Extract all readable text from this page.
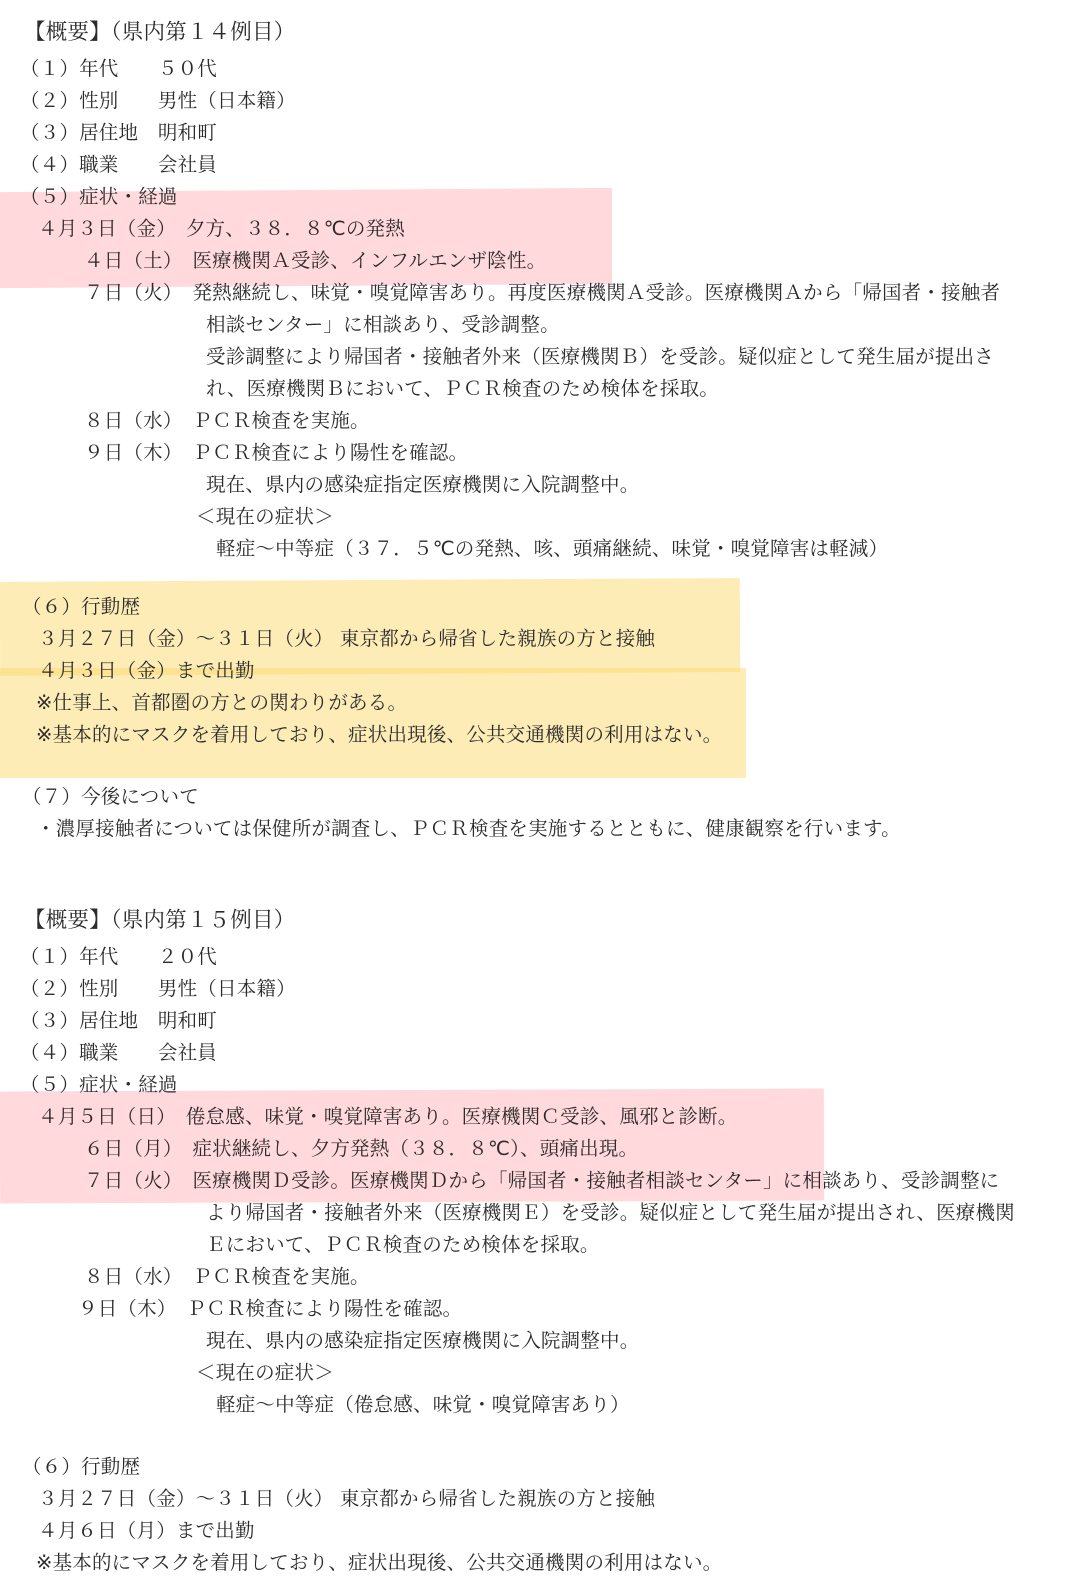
【概要】（県内第１４例目）
（１）年代　　５０代
（２）性別　　男性（日本籍）
（３）居住地　明和町
（４）職業　　会社員
（５）症状・経過
４月３日（金）　夕方、３８．８℃の発熱
４日（土）　医療機関Ａ受診、インフルエンザ陰性。
７日（火）　発熱継続し、味覚・嗅覚障害あり。再度医療機関Ａ受診。医療機関Ａから「帰国者・接触者
相談センター」に相談あり、受診調整。
受診調整により帰国者・接触者外来（医療機関Ｂ）を受診。疑似症として発生届が提出さ
れ、医療機関Ｂにおいて、ＰＣＲ検査のため検体を採取。
８日（水）　ＰＣＲ検査を実施。
９日（木）　ＰＣＲ検査により陽性を確認。
現在、県内の感染症指定医療機関に入院調整中。
＜現在の症状＞
軽症～中等症（３７．５℃の発熱、咳、頭痛継続、味覚・嗅覚障害は軽減）
（６）行動歴
３月２７日（金）～３１日（火） 東京都から帰省した親族の方と接触
４月３日（金）まで出勤
※仕事上、首都圏の方との関わりがある。
※基本的にマスクを着用しており、症状出現後、公共交通機関の利用はない。
（７）今後について
・濃厚接触者については保健所が調査し、ＰＣＲ検査を実施するとともに、健康観察を行います。
【概要】（県内第１５例目）
（１）年代　　２０代
（２）性別　　男性（日本籍）
（３）居住地　明和町
（４）職業　　会社員
（５）症状・経過
４月５日（日）　倦怠感、味覚・嗅覚障害あり。医療機関Ｃ受診、風邪と診断。
６日（月）　症状継続し、夕方発熱（３８．８℃）、頭痛出現。
７日（火）　医療機関Ｄ受診。医療機関Ｄから「帰国者・接触者相談センター」に相談あり、受診調整に
より帰国者・接触者外来（医療機関Ｅ）を受診。疑似症として発生届が提出され、医療機関
Ｅにおいて、ＰＣＲ検査のため検体を採取。
８日（水）　ＰＣＲ検査を実施。
９日（木）　ＰＣＲ検査により陽性を確認。
現在、県内の感染症指定医療機関に入院調整中。
＜現在の症状＞
軽症～中等症（倦怠感、味覚・嗅覚障害あり）
（６）行動歴
３月２７日（金）～３１日（火） 東京都から帰省した親族の方と接触
４月６日（月）まで出勤
※基本的にマスクを着用しており、症状出現後、公共交通機関の利用はない。
